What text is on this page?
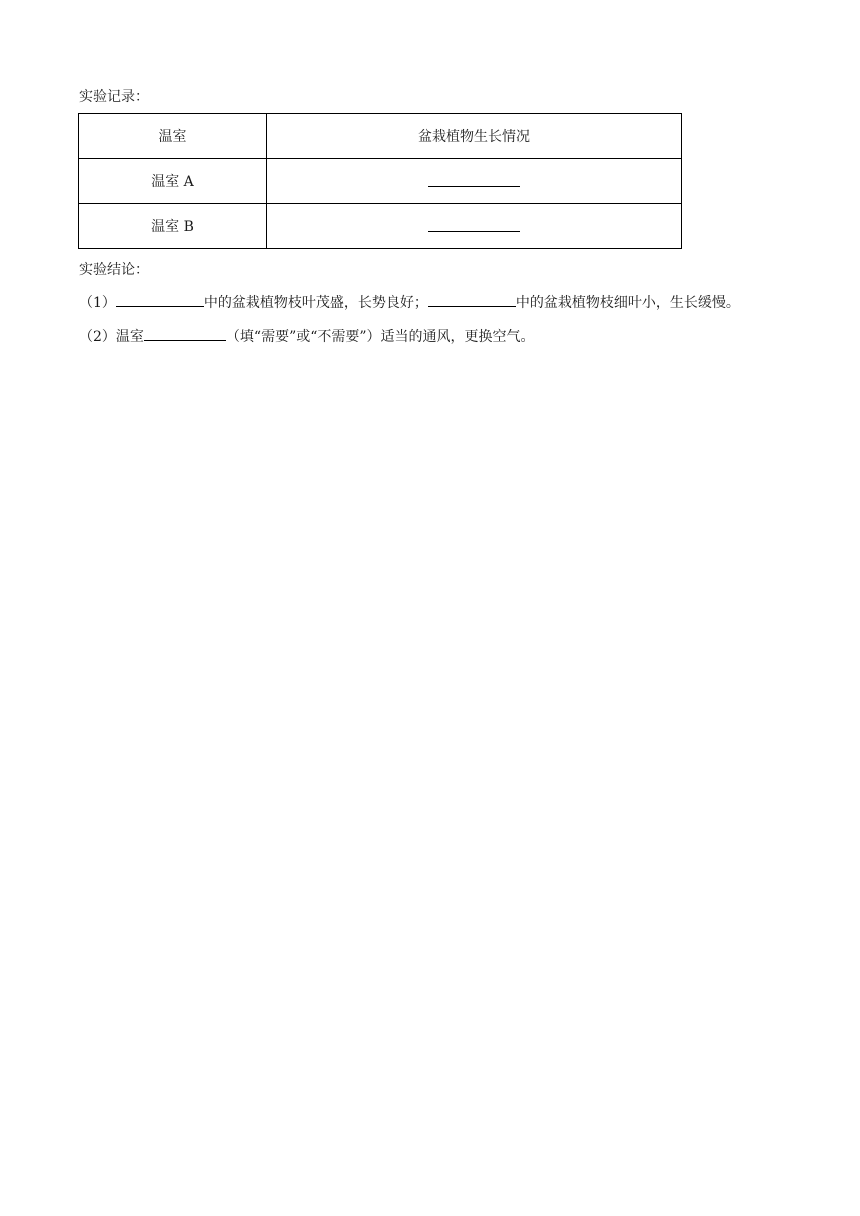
实验记录：
温室	盆栽植物生长情况
温室 A	
温室 B	
实验结论：
（1）	中的盆栽植物枝叶茂盛，长势良好；	中的盆栽植物枝细叶小，生长缓慢。
（2）温室	（填“需要”或“不需要”）适当的通风，更换空气。
